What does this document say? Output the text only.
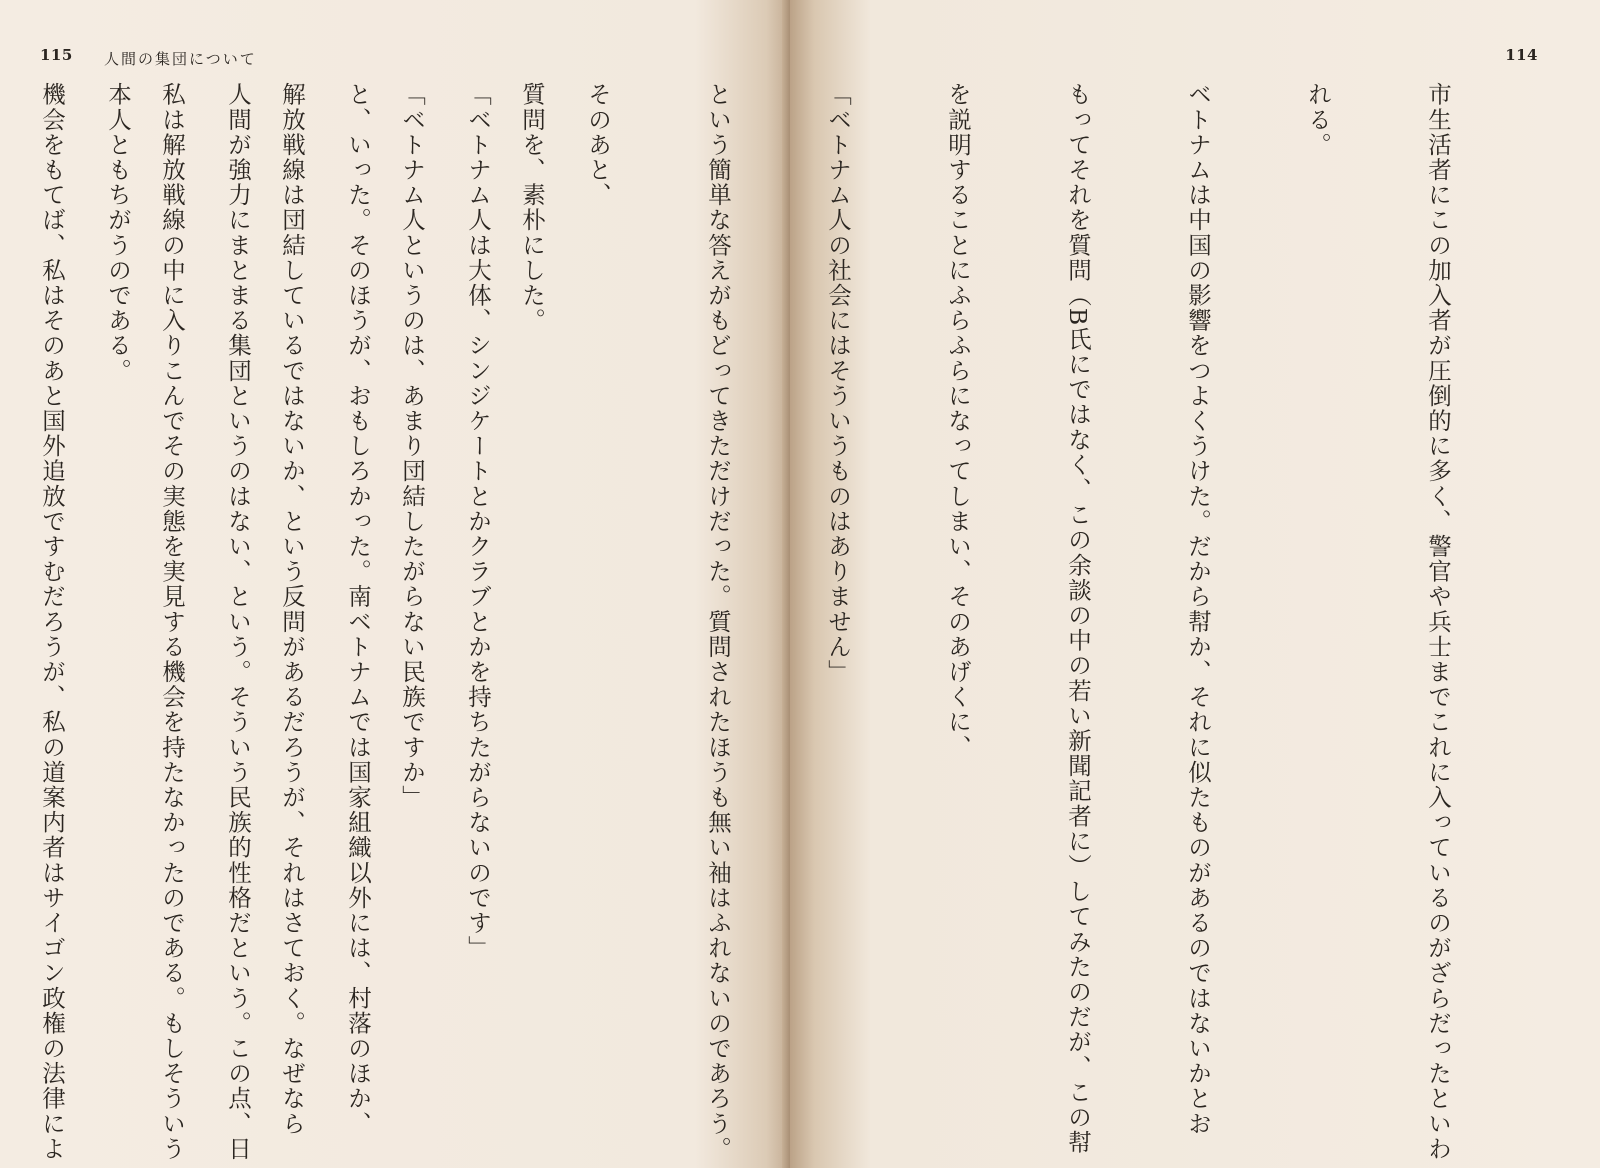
115 人間の集団について

質問を、素朴にした。

「ベトナム人というのは、あまり団結したがらない民族ですか」

解放戦線は団結しているではないか、という反問があるだろうが、それはさておく。なぜなら

私は解放戦線の中に入りこんでその実態を実見する機会を持たなかったのである。もしそういう

機会をもてば、私はそのあと国外追放ですむだろうが、私の道案内者はサイゴン政権の法律によ

114

市生活者にこの加入者が圧倒的に多く、警官や兵士までこれに入っているのがざらだったといわ

れる。

ベトナムは中国の影響をつよくうけた。だから幇か、それに似たものがあるのではないかとお

もってそれを質問（B氏にではなく、この余談の中の若い新聞記者に）してみたのだが、この幇

を説明することにふらふらになってしまい、そのあげくに、

「ベトナム人の社会にはそういうものはありません」

という簡単な答えがもどってきただけだった。質問されたほうも無い袖はふれないのであろう。

そのあと、

「ベトナム人は大体、シンジケートとかクラブとかを持ちたがらないのです」

と、いった。そのほうが、おもしろかった。南ベトナムでは国家組織以外には、村落のほか、

人間が強力にまとまる集団というのはない、という。そういう民族的性格だという。この点、日

本人ともちがうのである。
